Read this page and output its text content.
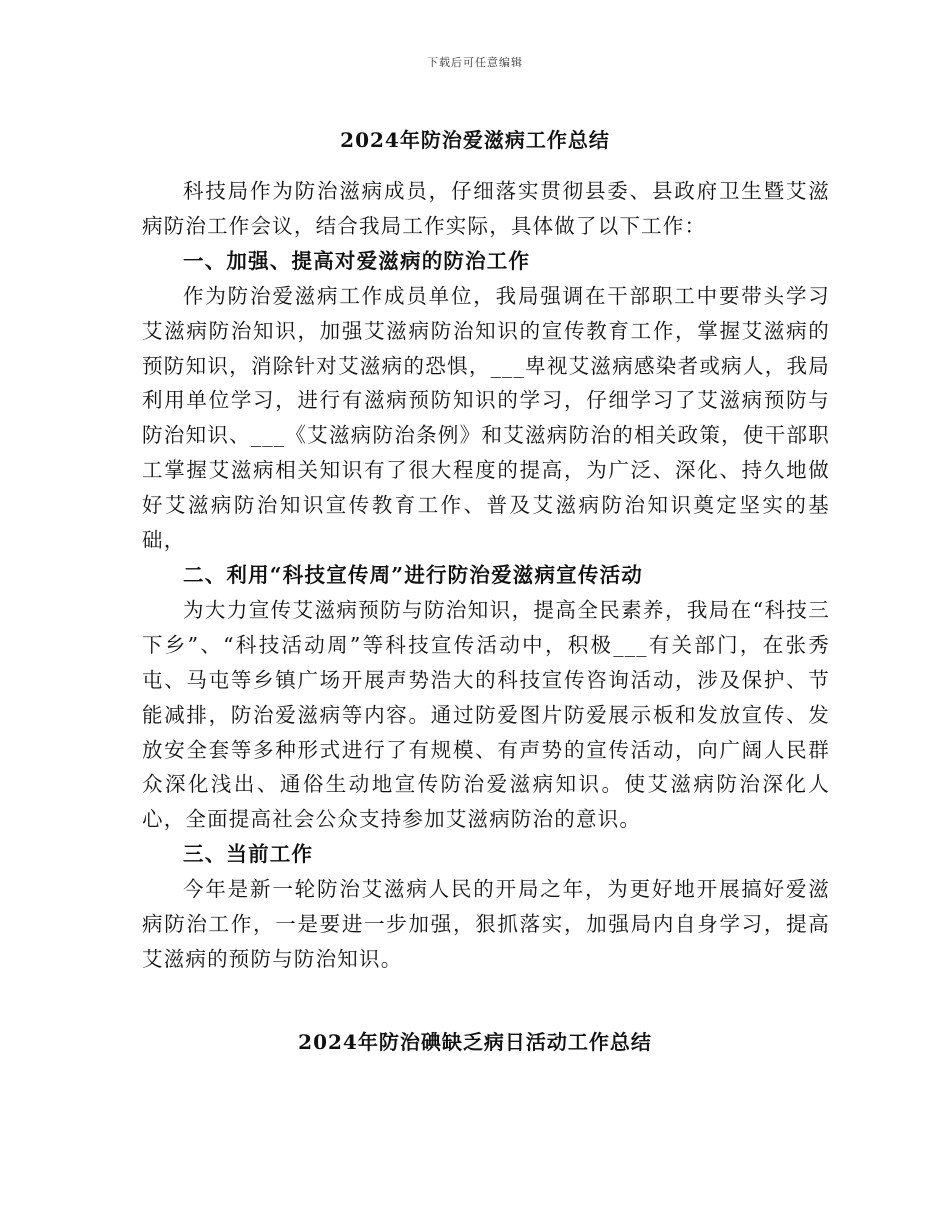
下载后可任意编辑
2024年防治爱滋病工作总结

科技局作为防治滋病成员，仔细落实贯彻县委、县政府卫生暨艾滋病防治工作会议，结合我局工作实际，具体做了以下工作：

一、加强、提高对爱滋病的防治工作

作为防治爱滋病工作成员单位，我局强调在干部职工中要带头学习艾滋病防治知识，加强艾滋病防治知识的宣传教育工作，掌握艾滋病的预防知识，消除针对艾滋病的恐惧，___卑视艾滋病感染者或病人，我局利用单位学习，进行有滋病预防知识的学习，仔细学习了艾滋病预防与防治知识、___《艾滋病防治条例》和艾滋病防治的相关政策，使干部职工掌握艾滋病相关知识有了很大程度的提高，为广泛、深化、持久地做好艾滋病防治知识宣传教育工作、普及艾滋病防治知识奠定坚实的基础，

二、利用“科技宣传周”进行防治爱滋病宣传活动

为大力宣传艾滋病预防与防治知识，提高全民素养，我局在“科技三下乡”、“科技活动周”等科技宣传活动中，积极___有关部门，在张秀屯、马屯等乡镇广场开展声势浩大的科技宣传咨询活动，涉及保护、节能减排，防治爱滋病等内容。通过防爱图片防爱展示板和发放宣传、发放安全套等多种形式进行了有规模、有声势的宣传活动，向广阔人民群众深化浅出、通俗生动地宣传防治爱滋病知识。使艾滋病防治深化人心，全面提高社会公众支持参加艾滋病防治的意识。

三、当前工作

今年是新一轮防治艾滋病人民的开局之年，为更好地开展搞好爱滋病防治工作，一是要进一步加强，狠抓落实，加强局内自身学习，提高艾滋病的预防与防治知识。

2024年防治碘缺乏病日活动工作总结
